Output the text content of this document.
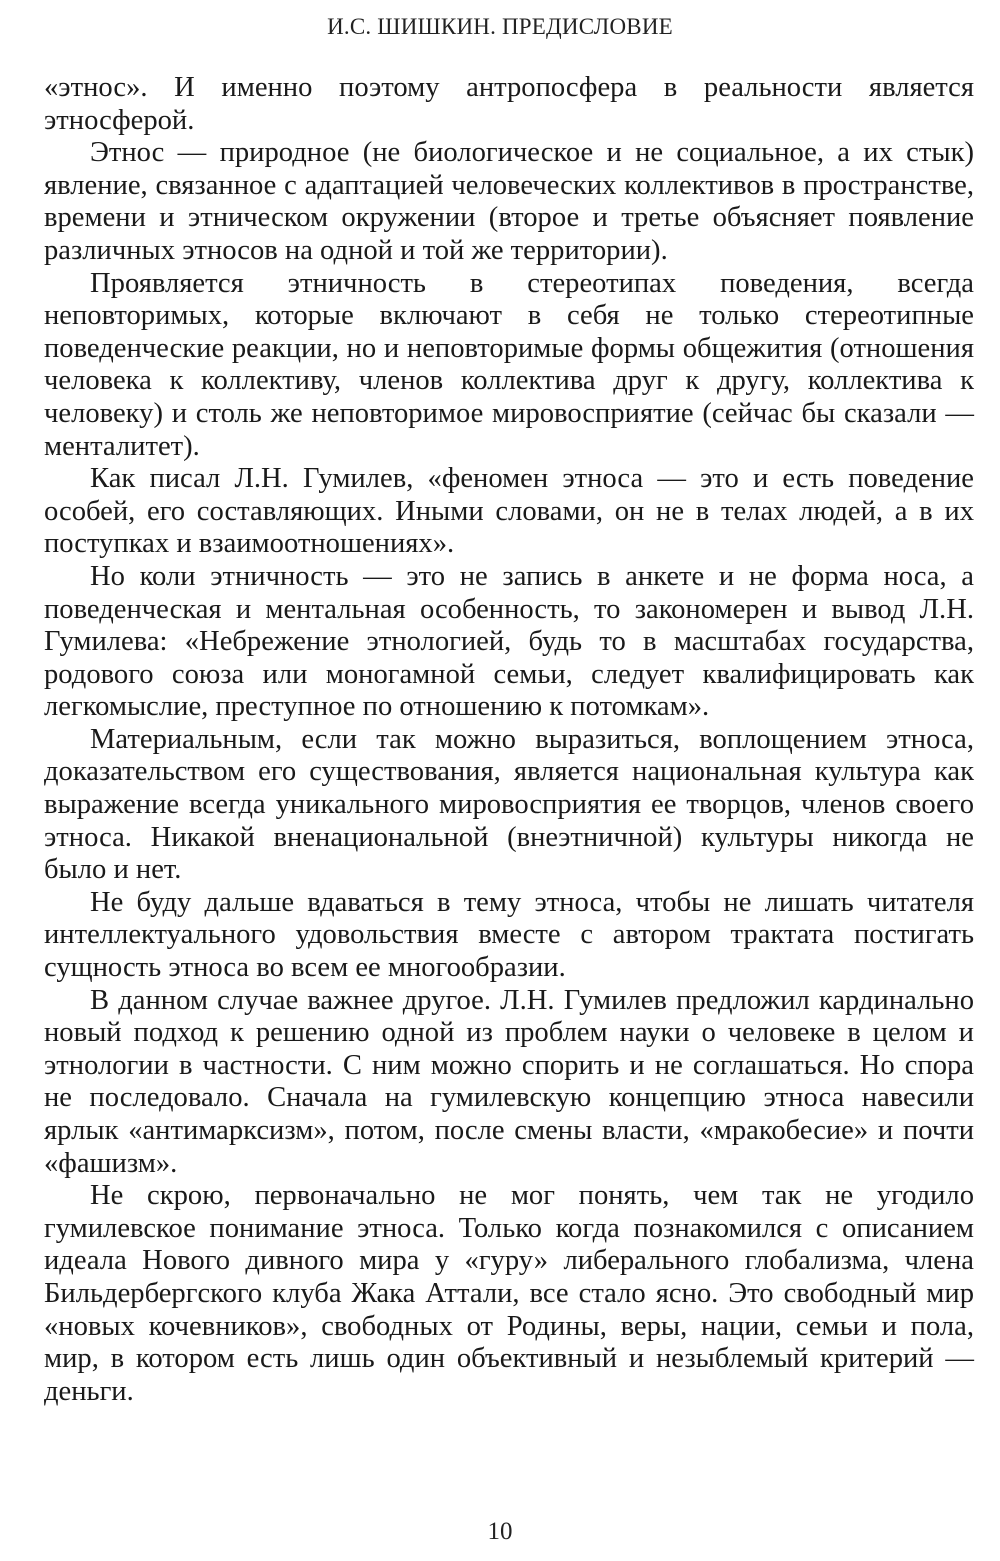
И.С. ШИШКИН. ПРЕДИСЛОВИЕ

«этнос». И именно поэтому антропосфера в реальности является этносферой.

Этнос — природное (не биологическое и не социальное, а их стык) явление, связанное с адаптацией человеческих коллективов в пространстве, времени и этническом окружении (второе и третье объясняет появление различных этносов на одной и той же территории).

Проявляется этничность в стереотипах поведения, всегда неповторимых, которые включают в себя не только стереотипные поведенческие реакции, но и неповторимые формы общежития (отношения человека к коллективу, членов коллектива друг к другу, коллектива к человеку) и столь же неповторимое мировосприятие (сейчас бы сказали — менталитет).

Как писал Л.Н. Гумилев, «феномен этноса — это и есть поведение особей, его составляющих. Иными словами, он не в телах людей, а в их поступках и взаимоотношениях».

Но коли этничность — это не запись в анкете и не форма носа, а поведенческая и ментальная особенность, то закономерен и вывод Л.Н. Гумилева: «Небрежение этнологией, будь то в масштабах государства, родового союза или моногамной семьи, следует квалифицировать как легкомыслие, преступное по отношению к потомкам».

Материальным, если так можно выразиться, воплощением этноса, доказательством его существования, является национальная культура как выражение всегда уникального мировосприятия ее творцов, членов своего этноса. Никакой вненациональной (внеэтничной) культуры никогда не было и нет.

Не буду дальше вдаваться в тему этноса, чтобы не лишать читателя интеллектуального удовольствия вместе с автором трактата постигать сущность этноса во всем ее многообразии.

В данном случае важнее другое. Л.Н. Гумилев предложил кардинально новый подход к решению одной из проблем науки о человеке в целом и этнологии в частности. С ним можно спорить и не соглашаться. Но спора не последовало. Сначала на гумилевскую концепцию этноса навесили ярлык «антимарксизм», потом, после смены власти, «мракобесие» и почти «фашизм».

Не скрою, первоначально не мог понять, чем так не угодило гумилевское понимание этноса. Только когда познакомился с описанием идеала Нового дивного мира у «гуру» либерального глобализма, члена Бильдербергского клуба Жака Аттали, все стало ясно. Это свободный мир «новых кочевников», свободных от Родины, веры, нации, семьи и пола, мир, в котором есть лишь один объективный и незыблемый критерий — деньги.

10
